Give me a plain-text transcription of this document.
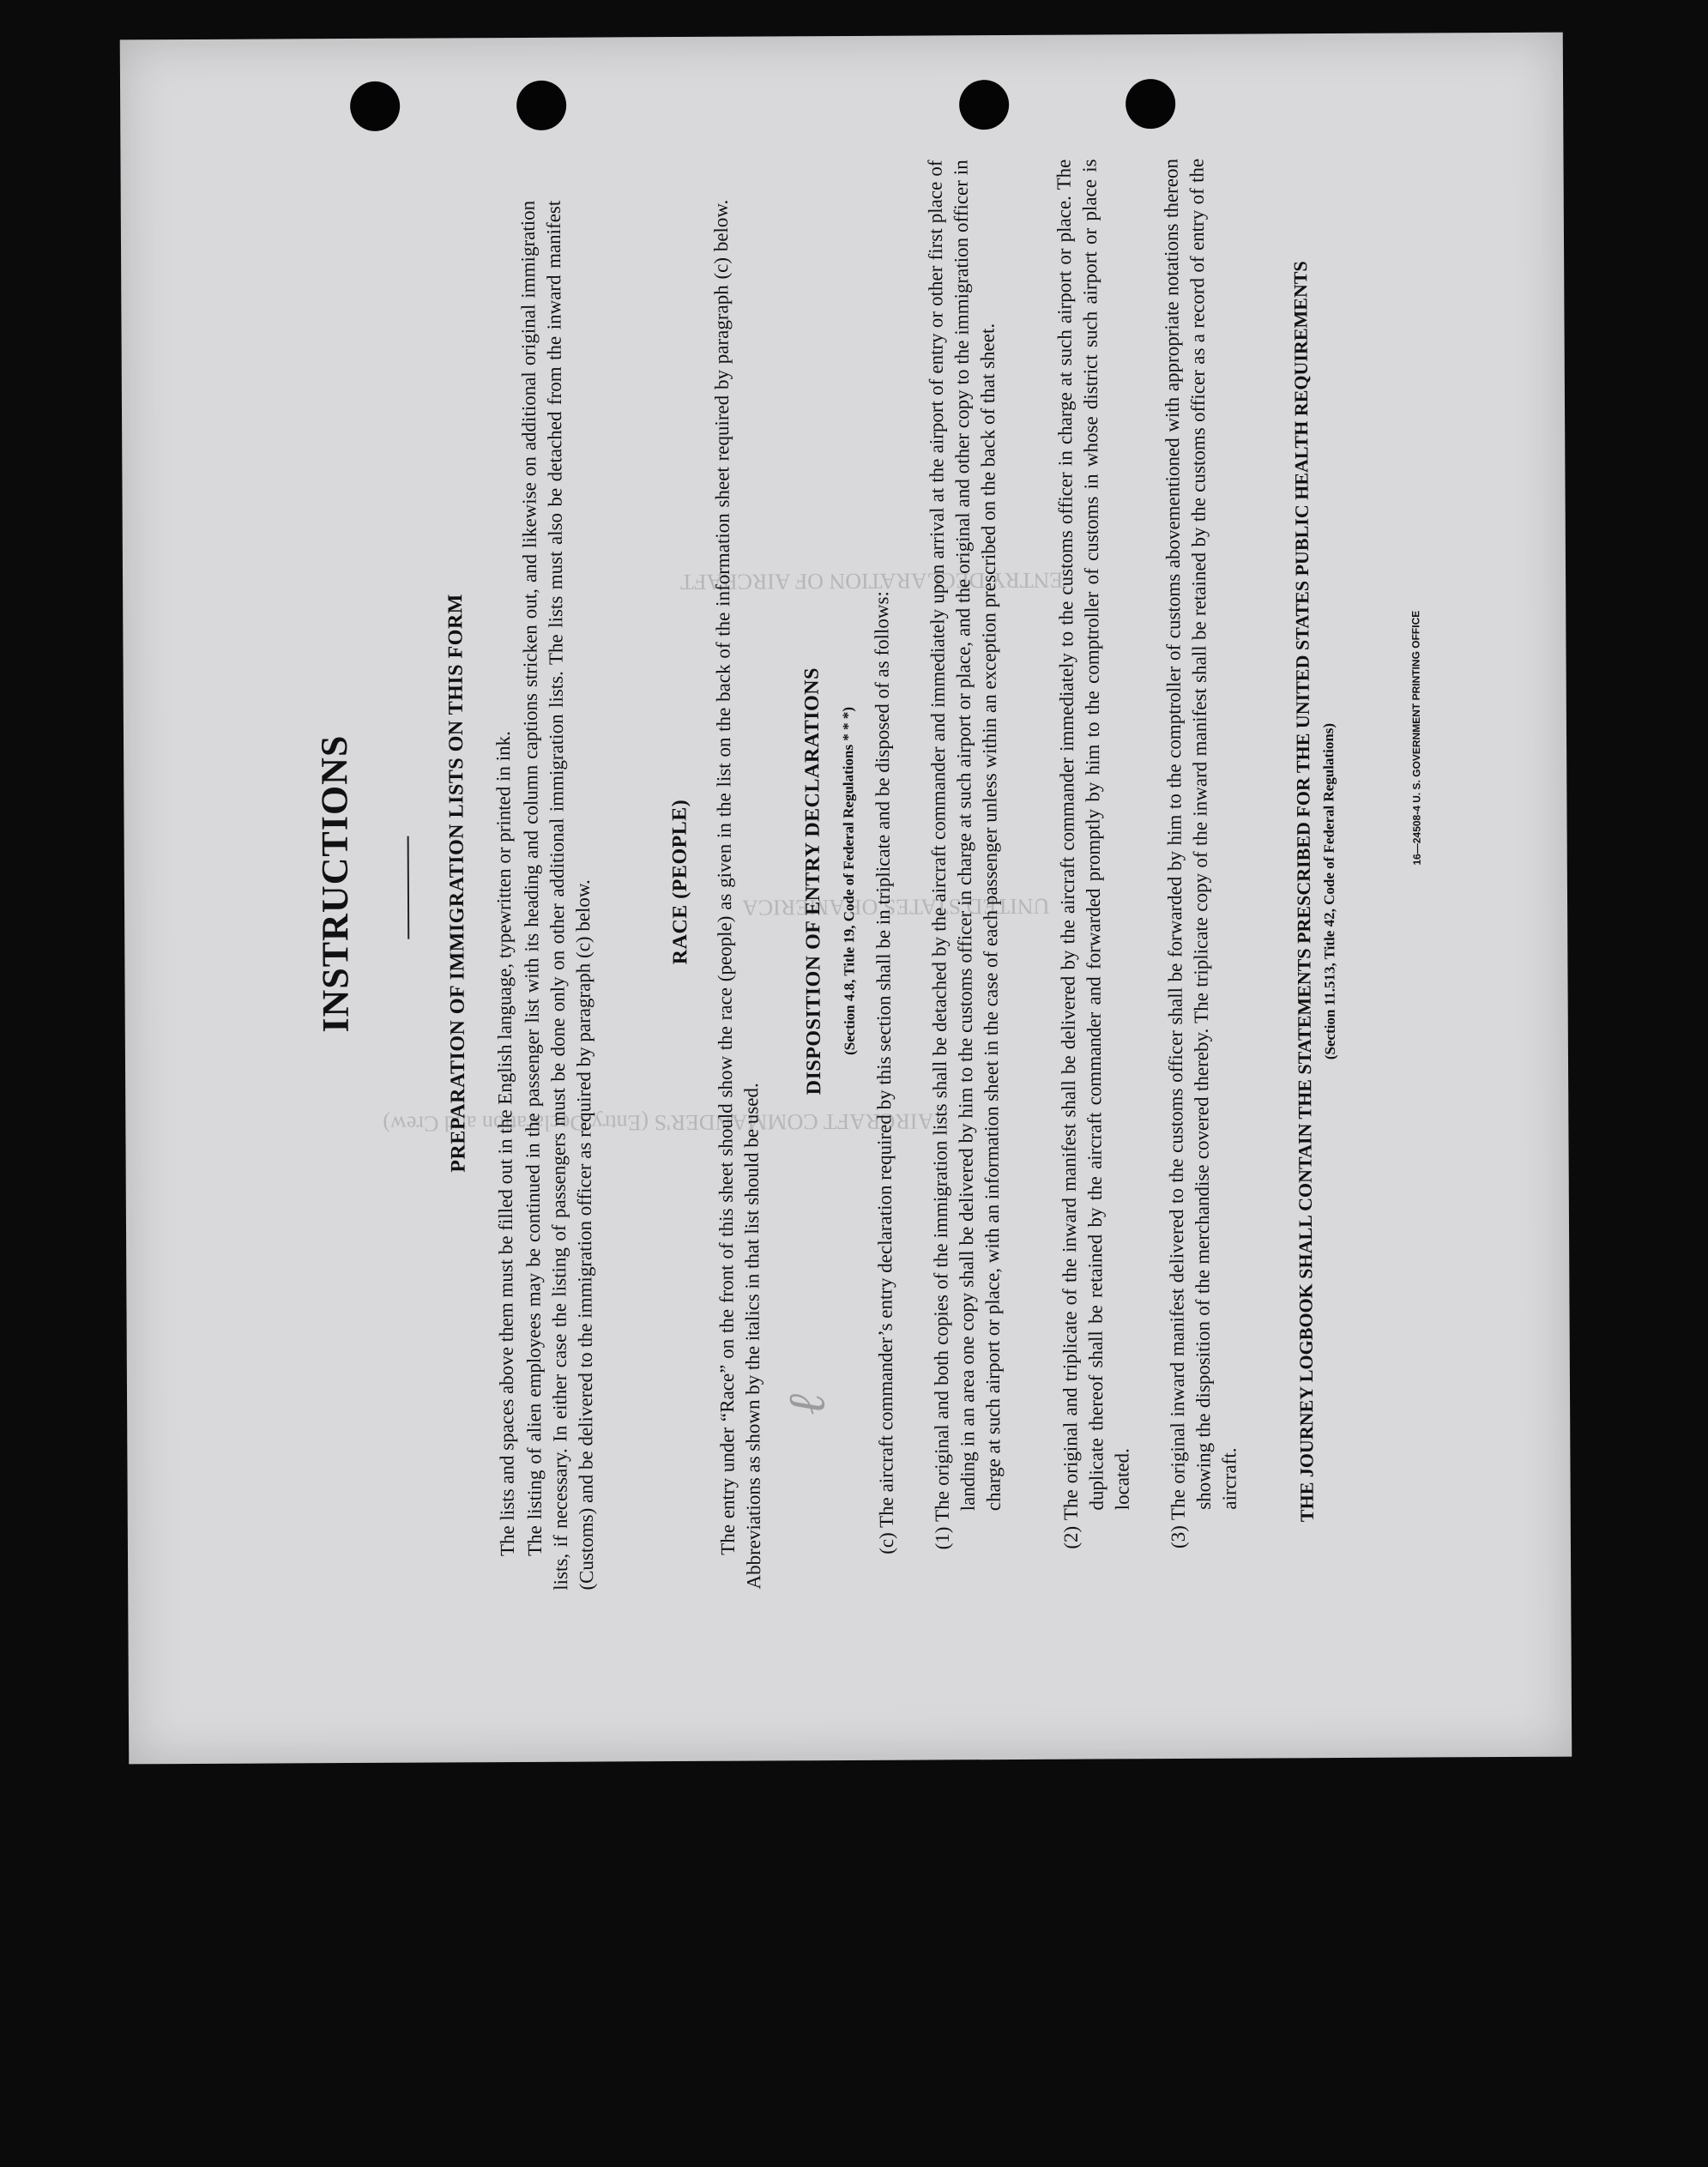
ENTRY DECLARATION OF AIRCRAFT
UNITED STATES OF AMERICA
AIRCRAFT COMMANDER'S (Entry Declaration and Crew)
INSTRUCTIONS	PREPARATION OF IMMIGRATION LISTS ON THIS FORM The lists and spaces above them must be filled out in the English language, typewritten or printed in ink.
The listing of alien employees may be continued in the passenger list with its heading and column captions stricken out, and likewise on additional original immigration lists, if necessary. In either case the listing of passengers must be done only on other additional immigration lists. The lists must also be detached from the inward manifest (Customs) and be delivered to the immigration officer as required by paragraph (c) below.	RACE (PEOPLE) The entry under “Race” on the front of this sheet should show the race (people) as given in the list on the back of the information sheet required by paragraph (c) below. Abbreviations as shown by the italics in that list should be used.
DISPOSITION OF ENTRY DECLARATIONS (Section 4.8, Title 19, Code of Federal Regulations * * *) (c) The aircraft commander’s entry declaration required by this section shall be in triplicate and be disposed of as follows: (1) The original and both copies of the immigration lists shall be detached by the aircraft commander and immediately upon arrival at the airport of entry or other first place of landing in an area one copy shall be delivered by him to the customs officer in charge at such airport or place, and the original and other copy to the immigration officer in charge at such airport or place, with an information sheet in the case of each passenger unless within an exception prescribed on the back of that sheet. (2) The original and triplicate of the inward manifest shall be delivered by the aircraft commander immediately to the customs officer in charge at such airport or place. The duplicate thereof shall be retained by the aircraft commander and forwarded promptly by him to the comptroller of customs in whose district such airport or place is located. (3) The original inward manifest delivered to the customs officer shall be forwarded by him to the comptroller of customs abovementioned with appropriate notations thereon showing the disposition of the merchandise covered thereby. The triplicate copy of the inward manifest shall be retained by the customs officer as a record of entry of the aircraft.	THE JOURNEY LOGBOOK SHALL CONTAIN THE STATEMENTS PRESCRIBED FOR THE UNITED STATES PUBLIC HEALTH REQUIREMENTS (Section 11.513, Title 42, Code of Federal Regulations)	16—24508-4 U. S. GOVERNMENT PRINTING OFFICE
ℓ
